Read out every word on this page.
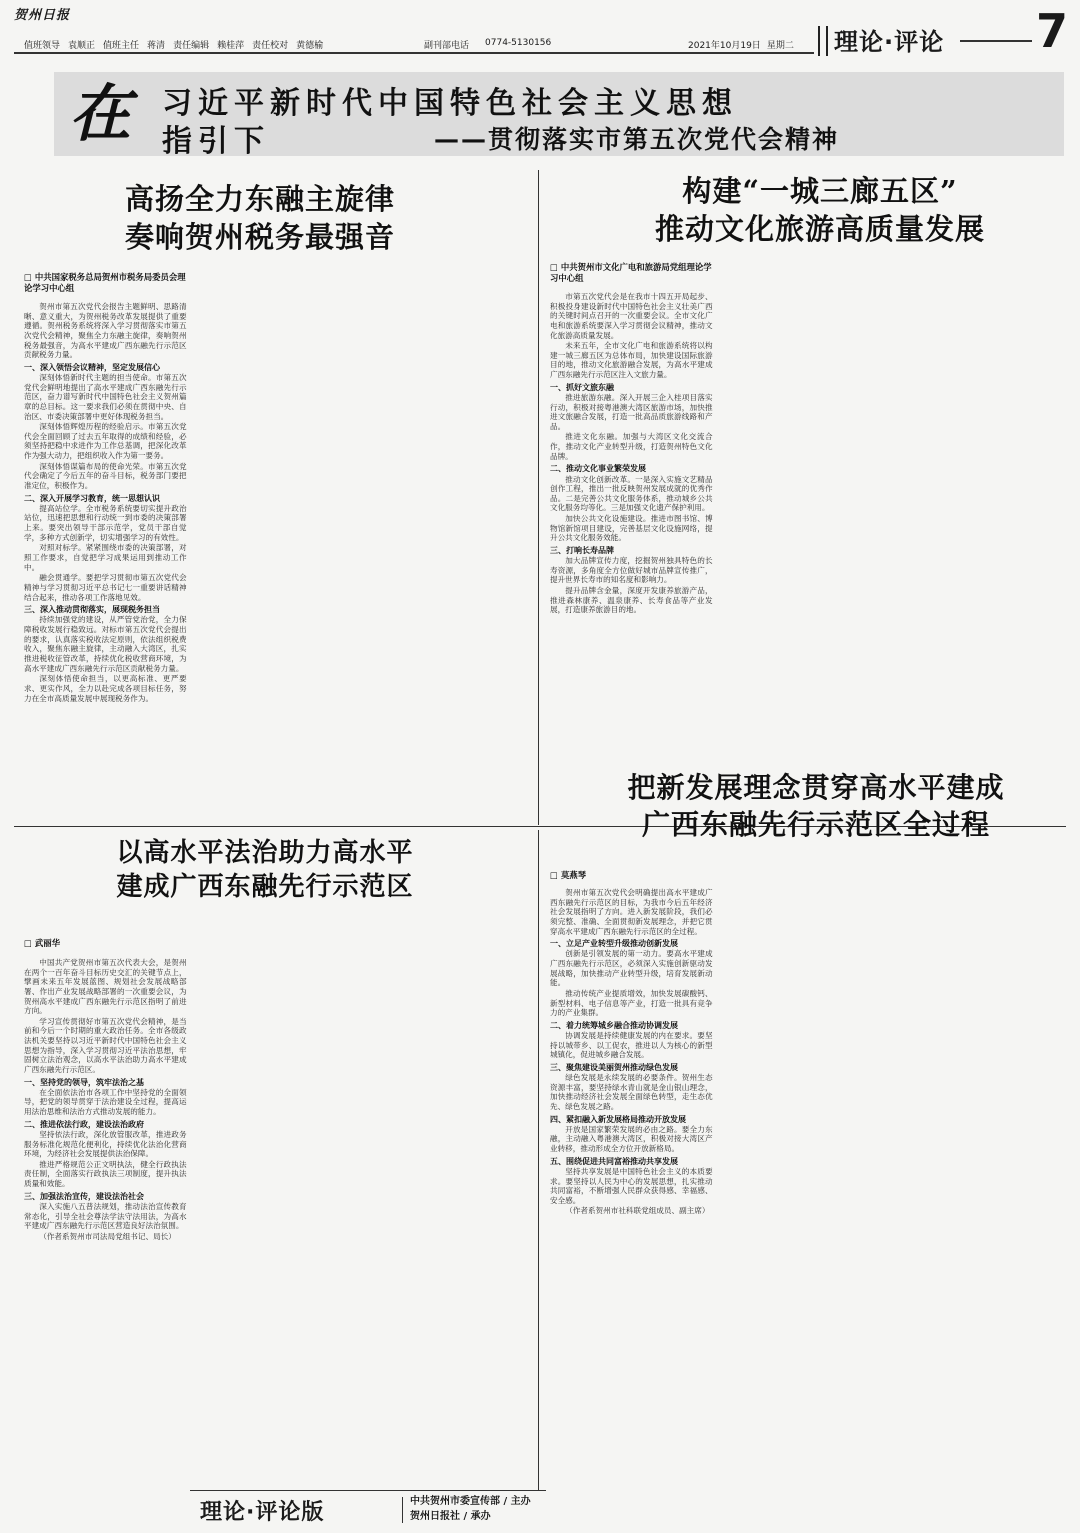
贺州日报
值班领导 袁顺正 值班主任 蒋清 责任编辑 赖桂萍 责任校对 黄德榆	副刊部电话 0774-5130156	2021年10月19日 星期二 理论·评论 7
在	习近平新时代中国特色社会主义思想
指引下	——贯彻落实市第五次党代会精神
高扬全力东融主旋律
奏响贺州税务最强音
□ 中共国家税务总局贺州市税务局委员会理论学习中心组

贺州市第五次党代会报告主题鲜明、思路清晰、意义重大，为贺州税务改革发展提供了重要遵循。贺州税务系统将深入学习贯彻落实市第五次党代会精神，聚焦全力东融主旋律，奏响贺州税务最强音，为高水平建成广西东融先行示范区贡献税务力量。

一、深入领悟会议精神，坚定发展信心

深刻体悟新时代主题的担当使命。市第五次党代会鲜明地提出了高水平建成广西东融先行示范区，奋力谱写新时代中国特色社会主义贺州篇章的总目标。这一要求我们必须在贯彻中央、自治区、市委决策部署中更好体现税务担当。

深刻体悟辉煌历程的经验启示。市第五次党代会全面回顾了过去五年取得的成绩和经验，必须坚持把稳中求进作为工作总基调，把深化改革作为强大动力，把组织收入作为第一要务。

深刻体悟谋篇布局的使命光荣。市第五次党代会确定了今后五年的奋斗目标，税务部门要把准定位，积极作为。

二、深入开展学习教育，统一思想认识

提高站位学。全市税务系统要切实提升政治站位，迅速把思想和行动统一到市委的决策部署上来。要突出领导干部示范学，党员干部自觉学，多种方式创新学，切实增强学习的有效性。

对照对标学。紧紧围绕市委的决策部署，对照工作要求，自觉把学习成果运用到推动工作中。

融会贯通学。要把学习贯彻市第五次党代会精神与学习贯彻习近平总书记七一重要讲话精神结合起来，推动各项工作落地见效。

三、深入推动贯彻落实，展现税务担当

持续加强党的建设，从严管党治党，全力保障税收发展行稳致远。对标市第五次党代会提出的要求，认真落实税收法定原则，依法组织税费收入，聚焦东融主旋律，主动融入大湾区，扎实推进税收征管改革，持续优化税收营商环境，为高水平建成广西东融先行示范区贡献税务力量。

深刻体悟使命担当，以更高标准、更严要求、更实作风，全力以赴完成各项目标任务，努力在全市高质量发展中展现税务作为。

构建“一城三廊五区”
推动文化旅游高质量发展
□ 中共贺州市文化广电和旅游局党组理论学习中心组

市第五次党代会是在我市十四五开局起步、积极投身建设新时代中国特色社会主义壮美广西的关键时间点召开的一次重要会议。全市文化广电和旅游系统要深入学习贯彻会议精神，推动文化旅游高质量发展。

未来五年，全市文化广电和旅游系统将以构建一城三廊五区为总体布局，加快建设国际旅游目的地，推动文化旅游融合发展，为高水平建成广西东融先行示范区注入文旅力量。

一、抓好文旅东融

推进旅游东融。深入开展三企入桂项目落实行动，积极对接粤港澳大湾区旅游市场，加快推进文旅融合发展，打造一批高品质旅游线路和产品。

推进文化东融。加强与大湾区文化交流合作，推动文化产业转型升级，打造贺州特色文化品牌。

二、推动文化事业繁荣发展

推动文化创新改革。一是深入实施文艺精品创作工程，推出一批反映贺州发展成就的优秀作品。二是完善公共文化服务体系，推动城乡公共文化服务均等化。三是加强文化遗产保护利用。

加快公共文化设施建设。推进市图书馆、博物馆新馆项目建设，完善基层文化设施网络，提升公共文化服务效能。

三、打响长寿品牌

加大品牌宣传力度，挖掘贺州独具特色的长寿资源，多角度全方位做好城市品牌宣传推广，提升世界长寿市的知名度和影响力。

提升品牌含金量，深度开发康养旅游产品，推进森林康养、温泉康养、长寿食品等产业发展，打造康养旅游目的地。

以高水平法治助力高水平
建成广西东融先行示范区
□ 武丽华

中国共产党贺州市第五次代表大会，是贺州在两个一百年奋斗目标历史交汇的关键节点上，擘画未来五年发展蓝图、规划社会发展战略部署、作出产业发展战略部署的一次重要会议，为贺州高水平建成广西东融先行示范区指明了前进方向。

学习宣传贯彻好市第五次党代会精神，是当前和今后一个时期的重大政治任务。全市各级政法机关要坚持以习近平新时代中国特色社会主义思想为指导，深入学习贯彻习近平法治思想，牢固树立法治观念，以高水平法治助力高水平建成广西东融先行示范区。

一、坚持党的领导，筑牢法治之基

在全面依法治市各项工作中坚持党的全面领导，把党的领导贯穿于法治建设全过程，提高运用法治思维和法治方式推动发展的能力。

二、推进依法行政，建设法治政府

坚持依法行政，深化放管服改革，推进政务服务标准化规范化便利化，持续优化法治化营商环境，为经济社会发展提供法治保障。

推进严格规范公正文明执法，健全行政执法责任制，全面落实行政执法三项制度，提升执法质量和效能。

三、加强法治宣传，建设法治社会

深入实施八五普法规划，推动法治宣传教育常态化，引导全社会尊法学法守法用法，为高水平建成广西东融先行示范区营造良好法治氛围。

（作者系贺州市司法局党组书记、局长）

把新发展理念贯穿高水平建成
广西东融先行示范区全过程
□ 莫燕琴

贺州市第五次党代会明确提出高水平建成广西东融先行示范区的目标，为我市今后五年经济社会发展指明了方向。进入新发展阶段，我们必须完整、准确、全面贯彻新发展理念，并把它贯穿高水平建成广西东融先行示范区的全过程。

一、立足产业转型升级推动创新发展

创新是引领发展的第一动力。要高水平建成广西东融先行示范区，必须深入实施创新驱动发展战略，加快推动产业转型升级，培育发展新动能。

推动传统产业提质增效，加快发展碳酸钙、新型材料、电子信息等产业，打造一批具有竞争力的产业集群。

二、着力统筹城乡融合推动协调发展

协调发展是持续健康发展的内在要求。要坚持以城带乡、以工促农，推进以人为核心的新型城镇化，促进城乡融合发展。

三、聚焦建设美丽贺州推动绿色发展

绿色发展是永续发展的必要条件。贺州生态资源丰富，要坚持绿水青山就是金山银山理念，加快推动经济社会发展全面绿色转型，走生态优先、绿色发展之路。

四、紧扣融入新发展格局推动开放发展

开放是国家繁荣发展的必由之路。要全力东融，主动融入粤港澳大湾区，积极对接大湾区产业转移，推动形成全方位开放新格局。

五、围绕促进共同富裕推动共享发展

坚持共享发展是中国特色社会主义的本质要求。要坚持以人民为中心的发展思想，扎实推动共同富裕，不断增强人民群众获得感、幸福感、安全感。

（作者系贺州市社科联党组成员、副主席）

理论·评论版	中共贺州市委宣传部 / 主办
贺州日报社 / 承办
